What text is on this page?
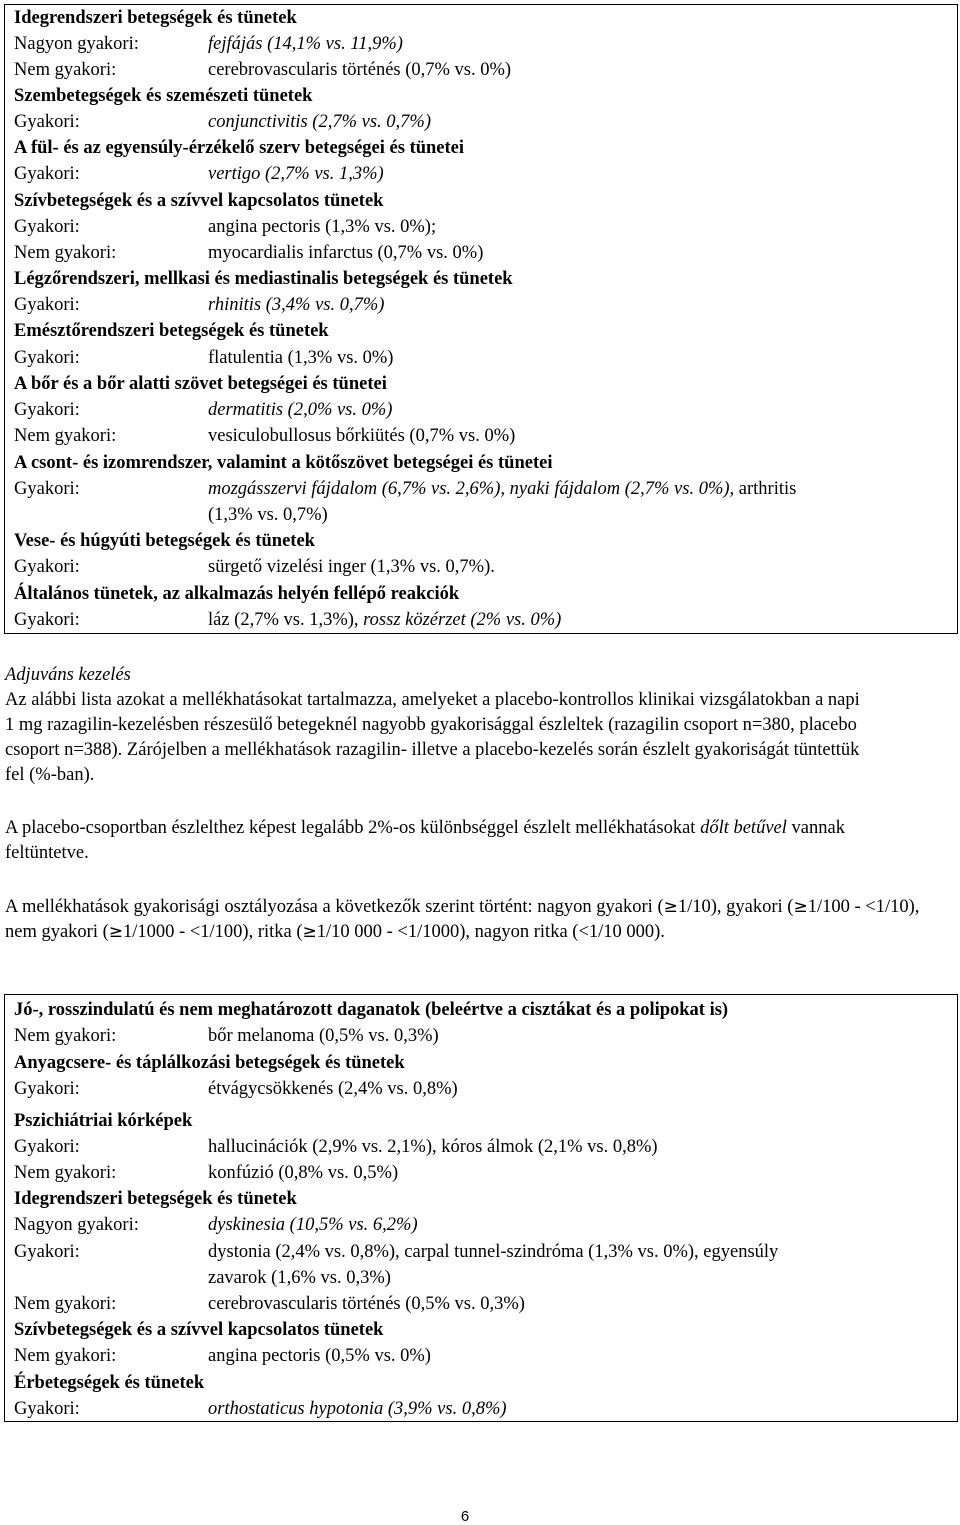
Idegrendszeri betegségek és tünetek
Nagyon gyakori:	fejfájás (14,1% vs. 11,9%)
Nem gyakori:	cerebrovascularis történés (0,7% vs. 0%)
Szembetegségek és szemészeti tünetek
Gyakori:	conjunctivitis (2,7% vs. 0,7%)
A fül- és az egyensúly-érzékelő szerv betegségei és tünetei
Gyakori:	vertigo (2,7% vs. 1,3%)
Szívbetegségek és a szívvel kapcsolatos tünetek
Gyakori:	angina pectoris (1,3% vs. 0%);
Nem gyakori:	myocardialis infarctus (0,7% vs. 0%)
Légzőrendszeri, mellkasi és mediastinalis betegségek és tünetek
Gyakori:	rhinitis (3,4% vs. 0,7%)
Emésztőrendszeri betegségek és tünetek
Gyakori:	flatulentia (1,3% vs. 0%)
A bőr és a bőr alatti szövet betegségei és tünetei
Gyakori:	dermatitis (2,0% vs. 0%)
Nem gyakori:	vesiculobullosus bőrkiütés (0,7% vs. 0%)
A csont- és izomrendszer, valamint a kötőszövet betegségei és tünetei
Gyakori:	mozgásszervi fájdalom (6,7% vs. 2,6%), nyaki fájdalom (2,7% vs. 0%), arthritis
(1,3% vs. 0,7%)
Vese- és húgyúti betegségek és tünetek
Gyakori:	sürgető vizelési inger (1,3% vs. 0,7%).
Általános tünetek, az alkalmazás helyén fellépő reakciók
Gyakori:	láz (2,7% vs. 1,3%), rossz közérzet (2% vs. 0%)
Adjuváns kezelés
Az alábbi lista azokat a mellékhatásokat tartalmazza, amelyeket a placebo-kontrollos klinikai vizsgálatokban a napi 1 mg razagilin-kezelésben részesülő betegeknél nagyobb gyakorisággal észleltek (razagilin csoport n=380, placebo csoport n=388). Zárójelben a mellékhatások razagilin- illetve a placebo-kezelés során észlelt gyakoriságát tüntettük fel (%-ban).
A placebo-csoportban észlelthez képest legalább 2%-os különbséggel észlelt mellékhatásokat dőlt betűvel vannak feltüntetve.
A mellékhatások gyakorisági osztályozása a következők szerint történt: nagyon gyakori (≥1/10), gyakori (≥1/100 - <1/10), nem gyakori (≥1/1000 - <1/100), ritka (≥1/10 000 - <1/1000), nagyon ritka (<1/10 000).
Jó-, rosszindulatú és nem meghatározott daganatok (beleértve a cisztákat és a polipokat is)
Nem gyakori:	bőr melanoma (0,5% vs. 0,3%)
Anyagcsere- és táplálkozási betegségek és tünetek
Gyakori:	étvágycsökkenés (2,4% vs. 0,8%)
Pszichiátriai kórképek
Gyakori:	hallucinációk (2,9% vs. 2,1%), kóros álmok (2,1% vs. 0,8%)
Nem gyakori:	konfúzió (0,8% vs. 0,5%)
Idegrendszeri betegségek és tünetek
Nagyon gyakori:	dyskinesia (10,5% vs. 6,2%)
Gyakori:	dystonia (2,4% vs. 0,8%), carpal tunnel-szindróma (1,3% vs. 0%), egyensúly
zavarok (1,6% vs. 0,3%)
Nem gyakori:	cerebrovascularis történés (0,5% vs. 0,3%)
Szívbetegségek és a szívvel kapcsolatos tünetek
Nem gyakori:	angina pectoris (0,5% vs. 0%)
Érbetegségek és tünetek
Gyakori:	orthostaticus hypotonia (3,9% vs. 0,8%)
6
